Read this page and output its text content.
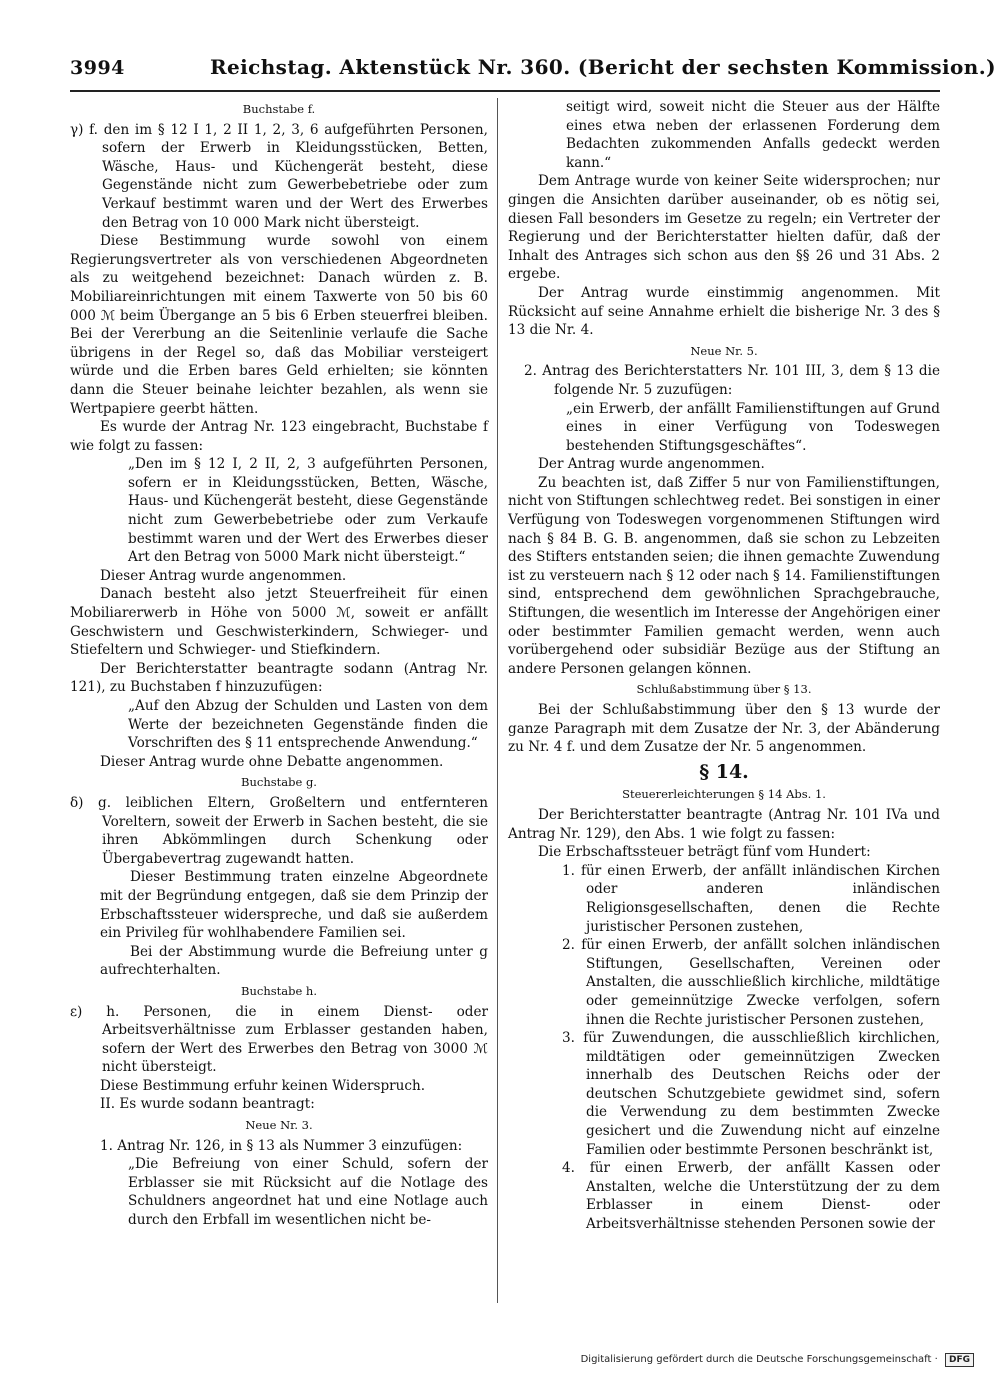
3994	Reichstag. Aktenstück Nr. 360. (Bericht der sechsten Kommission.)
Buchstabe f.

γ) f. den im § 12 I 1, 2 II 1, 2, 3, 6 aufgeführten Personen, sofern der Erwerb in Kleidungsstücken, Betten, Wäsche, Haus- und Küchengerät besteht, diese Gegenstände nicht zum Gewerbebetriebe oder zum Verkauf bestimmt waren und der Wert des Erwerbes den Betrag von 10 000 Mark nicht übersteigt.

Diese Bestimmung wurde sowohl von einem Regierungsvertreter als von verschiedenen Abgeordneten als zu weitgehend bezeichnet: Danach würden z. B. Mobiliareinrichtungen mit einem Taxwerte von 50 bis 60 000 ℳ beim Übergange an 5 bis 6 Erben steuerfrei bleiben. Bei der Vererbung an die Seitenlinie verlaufe die Sache übrigens in der Regel so, daß das Mobiliar versteigert würde und die Erben bares Geld erhielten; sie könnten dann die Steuer beinahe leichter bezahlen, als wenn sie Wertpapiere geerbt hätten.

Es wurde der Antrag Nr. 123 eingebracht, Buchstabe f wie folgt zu fassen:

„Den im § 12 I, 2 II, 2, 3 aufgeführten Personen, sofern er in Kleidungsstücken, Betten, Wäsche, Haus- und Küchengerät besteht, diese Gegenstände nicht zum Gewerbebetriebe oder zum Verkaufe bestimmt waren und der Wert des Erwerbes dieser Art den Betrag von 5000 Mark nicht übersteigt.“

Dieser Antrag wurde angenommen.

Danach besteht also jetzt Steuerfreiheit für einen Mobiliarerwerb in Höhe von 5000 ℳ, soweit er anfällt Geschwistern und Geschwisterkindern, Schwieger- und Stiefeltern und Schwieger- und Stiefkindern.

Der Berichterstatter beantragte sodann (Antrag Nr. 121), zu Buchstaben f hinzuzufügen:

„Auf den Abzug der Schulden und Lasten von dem Werte der bezeichneten Gegenstände finden die Vorschriften des § 11 entsprechende Anwendung.“

Dieser Antrag wurde ohne Debatte angenommen.

Buchstabe g.

δ) g. leiblichen Eltern, Großeltern und entfernteren Voreltern, soweit der Erwerb in Sachen besteht, die sie ihren Abkömmlingen durch Schenkung oder Übergabevertrag zugewandt hatten.

Dieser Bestimmung traten einzelne Abgeordnete mit der Begründung entgegen, daß sie dem Prinzip der Erbschaftssteuer widerspreche, und daß sie außerdem ein Privileg für wohlhabendere Familien sei.

Bei der Abstimmung wurde die Befreiung unter g aufrechterhalten.

Buchstabe h.

ε) h. Personen, die in einem Dienst- oder Arbeitsverhältnisse zum Erblasser gestanden haben, sofern der Wert des Erwerbes den Betrag von 3000 ℳ nicht übersteigt.

Diese Bestimmung erfuhr keinen Widerspruch.

II. Es wurde sodann beantragt:

Neue Nr. 3.

1. Antrag Nr. 126, in § 13 als Nummer 3 einzufügen:

„Die Befreiung von einer Schuld, sofern der Erblasser sie mit Rücksicht auf die Notlage des Schuldners angeordnet hat und eine Notlage auch durch den Erbfall im wesentlichen nicht be-

seitigt wird, soweit nicht die Steuer aus der Hälfte eines etwa neben der erlassenen Forderung dem Bedachten zukommenden Anfalls gedeckt werden kann.“

Dem Antrage wurde von keiner Seite widersprochen; nur gingen die Ansichten darüber auseinander, ob es nötig sei, diesen Fall besonders im Gesetze zu regeln; ein Vertreter der Regierung und der Berichterstatter hielten dafür, daß der Inhalt des Antrages sich schon aus den §§ 26 und 31 Abs. 2 ergebe.

Der Antrag wurde einstimmig angenommen. Mit Rücksicht auf seine Annahme erhielt die bisherige Nr. 3 des § 13 die Nr. 4.

Neue Nr. 5.

2. Antrag des Berichterstatters Nr. 101 III, 3, dem § 13 die folgende Nr. 5 zuzufügen:

„ein Erwerb, der anfällt Familienstiftungen auf Grund eines in einer Verfügung von Todeswegen bestehenden Stiftungsgeschäftes“.

Der Antrag wurde angenommen.

Zu beachten ist, daß Ziffer 5 nur von Familienstiftungen, nicht von Stiftungen schlechtweg redet. Bei sonstigen in einer Verfügung von Todeswegen vorgenommenen Stiftungen wird nach § 84 B. G. B. angenommen, daß sie schon zu Lebzeiten des Stifters entstanden seien; die ihnen gemachte Zuwendung ist zu versteuern nach § 12 oder nach § 14. Familienstiftungen sind, entsprechend dem gewöhnlichen Sprachgebrauche, Stiftungen, die wesentlich im Interesse der Angehörigen einer oder bestimmter Familien gemacht werden, wenn auch vorübergehend oder subsidiär Bezüge aus der Stiftung an andere Personen gelangen können.

Schlußabstimmung über § 13.

Bei der Schlußabstimmung über den § 13 wurde der ganze Paragraph mit dem Zusatze der Nr. 3, der Abänderung zu Nr. 4 f. und dem Zusatze der Nr. 5 angenommen.

§ 14.
Steuererleichterungen § 14 Abs. 1.

Der Berichterstatter beantragte (Antrag Nr. 101 IVa und Antrag Nr. 129), den Abs. 1 wie folgt zu fassen:

Die Erbschaftssteuer beträgt fünf vom Hundert:

1. für einen Erwerb, der anfällt inländischen Kirchen oder anderen inländischen Religionsgesellschaften, denen die Rechte juristischer Personen zustehen,

2. für einen Erwerb, der anfällt solchen inländischen Stiftungen, Gesellschaften, Vereinen oder Anstalten, die ausschließlich kirchliche, mildtätige oder gemeinnützige Zwecke verfolgen, sofern ihnen die Rechte juristischer Personen zustehen,

3. für Zuwendungen, die ausschließlich kirchlichen, mildtätigen oder gemeinnützigen Zwecken innerhalb des Deutschen Reichs oder der deutschen Schutzgebiete gewidmet sind, sofern die Verwendung zu dem bestimmten Zwecke gesichert und die Zuwendung nicht auf einzelne Familien oder bestimmte Personen beschränkt ist,

4. für einen Erwerb, der anfällt Kassen oder Anstalten, welche die Unterstützung der zu dem Erblasser in einem Dienst- oder Arbeitsverhältnisse stehenden Personen sowie der

Digitalisierung gefördert durch die Deutsche Forschungsgemeinschaft · DFG
